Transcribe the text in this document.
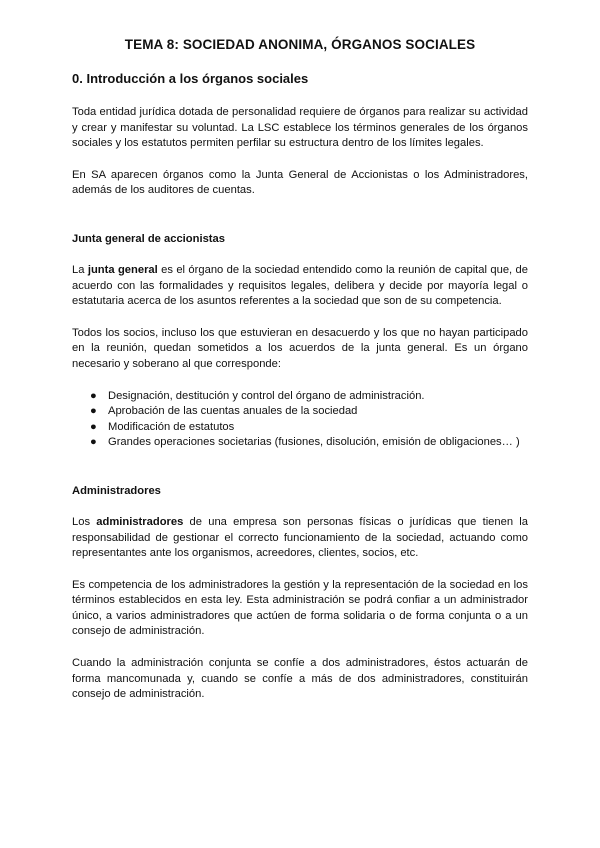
TEMA 8: SOCIEDAD ANONIMA, ÓRGANOS SOCIALES
0. Introducción a los órganos sociales

Toda entidad jurídica dotada de personalidad requiere de órganos para realizar su actividad y crear y manifestar su voluntad. La LSC establece los términos generales de los órganos sociales y los estatutos permiten perfilar su estructura dentro de los límites legales.

En SA aparecen órganos como la Junta General de Accionistas o los Administradores, además de los auditores de cuentas.

Junta general de accionistas

La junta general es el órgano de la sociedad entendido como la reunión de capital que, de acuerdo con las formalidades y requisitos legales, delibera y decide por mayoría legal o estatutaria acerca de los asuntos referentes a la sociedad que son de su competencia.

Todos los socios, incluso los que estuvieran en desacuerdo y los que no hayan participado en la reunión, quedan sometidos a los acuerdos de la junta general. Es un órgano necesario y soberano al que corresponde:

● Designación, destitución y control del órgano de administración.
● Aprobación de las cuentas anuales de la sociedad
● Modificación de estatutos
● Grandes operaciones societarias (fusiones, disolución, emisión de obligaciones… )
Administradores

Los administradores de una empresa son personas físicas o jurídicas que tienen la responsabilidad de gestionar el correcto funcionamiento de la sociedad, actuando como representantes ante los organismos, acreedores, clientes, socios, etc.

Es competencia de los administradores la gestión y la representación de la sociedad en los términos establecidos en esta ley. Esta administración se podrá confiar a un administrador único, a varios administradores que actúen de forma solidaria o de forma conjunta o a un consejo de administración.

Cuando la administración conjunta se confíe a dos administradores, éstos actuarán de forma mancomunada y, cuando se confíe a más de dos administradores, constituirán consejo de administración.
